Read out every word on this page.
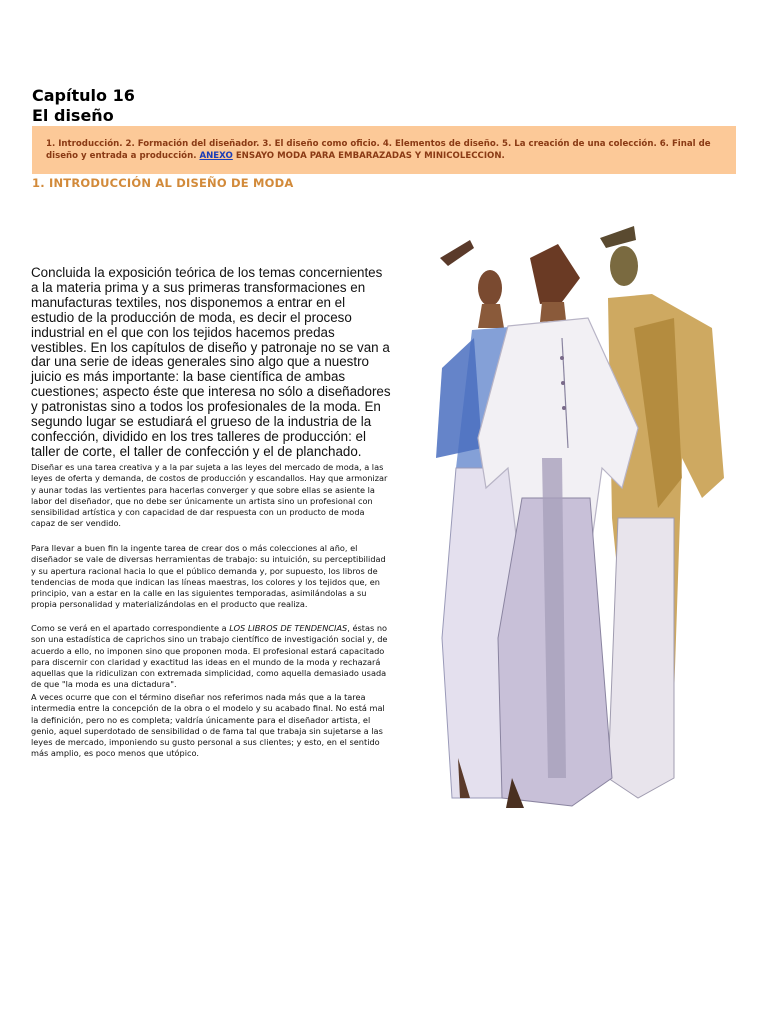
Capítulo 16
El diseño
1. Introducción. 2. Formación del diseñador. 3. El diseño como oficio. 4. Elementos de diseño. 5. La creación de una colección. 6. Final de diseño y entrada a producción. ANEXO ENSAYO MODA PARA EMBARAZADAS Y MINICOLECCION.
1. INTRODUCCIÓN AL DISEÑO DE MODA

Concluida la exposición teórica de los temas concernientes a la materia prima y a sus primeras transformaciones en manufacturas textiles, nos disponemos a entrar en el estudio de la producción de moda, es decir el proceso industrial en el que con los tejidos hacemos predas vestibles. En los capítulos de diseño y patronaje no se van a dar una serie de ideas generales sino algo que a nuestro juicio es más importante: la base científica de ambas cuestiones; aspecto éste que interesa no sólo a diseñadores y patronistas sino a todos los profesionales de la moda. En segundo lugar se estudiará el grueso de la industria de la confección, dividido en los tres talleres de producción: el taller de corte, el taller de confección y el de planchado.

Diseñar es una tarea creativa y a la par sujeta a las leyes del mercado de moda, a las leyes de oferta y demanda, de costos de producción y escandallos. Hay que armonizar y aunar todas las vertientes para hacerlas converger y que sobre ellas se asiente la labor del diseñador, que no debe ser únicamente un artista sino un profesional con sensibilidad artística y con capacidad de dar respuesta con un producto de moda capaz de ser vendido.

Para llevar a buen fin la ingente tarea de crear dos o más colecciones al año, el diseñador se vale de diversas herramientas de trabajo: su intuición, su perceptibilidad y su apertura racional hacia lo que el público demanda y, por supuesto, los libros de tendencias de moda que indican las líneas maestras, los colores y los tejidos que, en principio, van a estar en la calle en las siguientes temporadas, asimilándolas a su propia personalidad y materializándolas en el producto que realiza.

Como se verá en el apartado correspondiente a LOS LIBROS DE TENDENCIAS, éstas no son una estadística de caprichos sino un trabajo científico de investigación social y, de acuerdo a ello, no imponen sino que proponen moda. El profesional estará capacitado para discernir con claridad y exactitud las ideas en el mundo de la moda y rechazará aquellas que la ridiculizan con extremada simplicidad, como aquella demasiado usada de que "la moda es una dictadura".

A veces ocurre que con el término diseñar nos referimos nada más que a la tarea intermedia entre la concepción de la obra o el modelo y su acabado final. No está mal la definición, pero no es completa; valdría únicamente para el diseñador artista, el genio, aquel superdotado de sensibilidad o de fama tal que trabaja sin sujetarse a las leyes de mercado, imponiendo su gusto personal a sus clientes; y esto, en el sentido más amplio, es poco menos que utópico.
